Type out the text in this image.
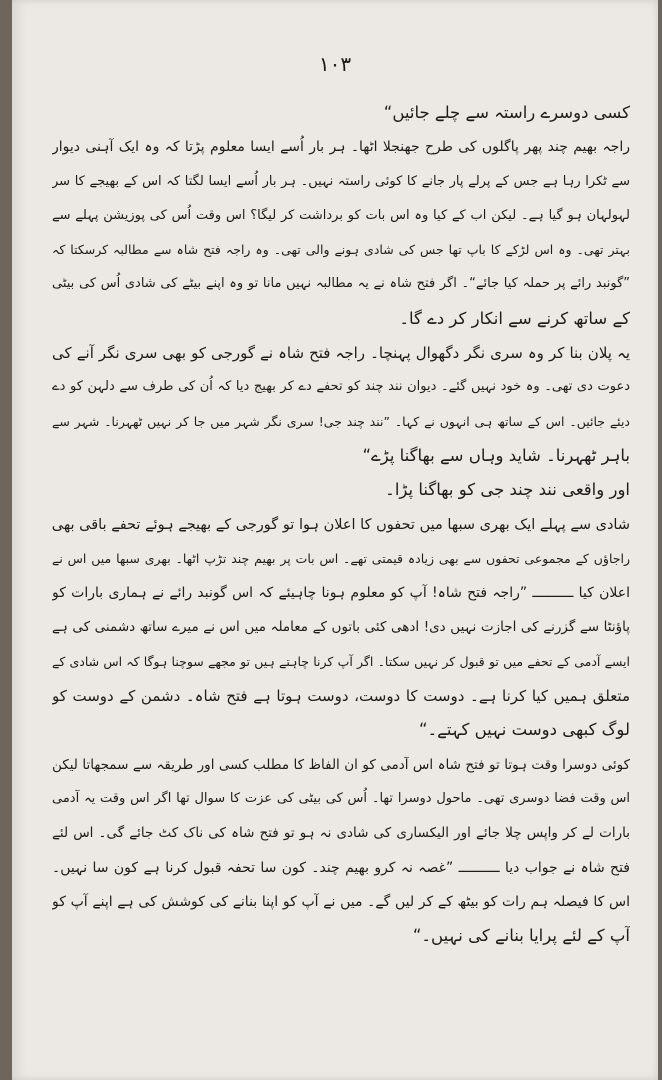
١٠٣
کسی دوسرے راستہ سے چلے جائیں“
راجہ بھیم چند پھر پاگلوں کی طرح جھنجلا اٹھا۔ ہر بار اُسے ایسا معلوم پڑتا کہ وہ ایک آہنی دیوار
سے ٹکرا رہا ہے جس کے پرلے پار جانے کا کوئی راستہ نہیں۔ ہر بار اُسے ایسا لگتا کہ اس کے بھیجے کا سر
لہولہان ہو گیا ہے۔ لیکن اب کے کیا وہ اس بات کو برداشت کر لیگا؟ اس وقت اُس کی پوزیشن پہلے سے
بہتر تھی۔ وہ اس لڑکے کا باپ تھا جس کی شادی ہونے والی تھی۔ وہ راجہ فتح شاہ سے مطالبہ کرسکتا کہ
”گونبد رائے پر حملہ کیا جائے“۔ اگر فتح شاہ نے یہ مطالبہ نہیں مانا تو وہ اپنے بیٹے کی شادی اُس کی بیٹی
کے ساتھ کرنے سے انکار کر دے گا۔
یہ پلان بنا کر وہ سری نگر دگھوال پہنچا۔ راجہ فتح شاہ نے گورجی کو بھی سری نگر آنے کی
دعوت دی تھی۔ وہ خود نہیں گئے۔ دیوان نند چند کو تحفے دے کر بھیج دیا کہ اُن کی طرف سے دلہن کو دے
دیئے جائیں۔ اس کے ساتھ ہی انہوں نے کہا۔ ”نند چند جی! سری نگر شہر میں جا کر نہیں ٹھہرنا۔ شہر سے
باہر ٹھہرنا۔ شاید وہاں سے بھاگنا پڑے“
اور واقعی نند چند جی کو بھاگنا پڑا۔
شادی سے پہلے ایک بھری سبھا میں تحفوں کا اعلان ہوا تو گورجی کے بھیجے ہوئے تحفے باقی بھی
راجاؤں کے مجموعی تحفوں سے بھی زیادہ قیمتی تھے۔ اس بات پر بھیم چند تڑپ اٹھا۔ بھری سبھا میں اس نے
اعلان کیا ــــــــــ ”راجہ فتح شاہ! آپ کو معلوم ہونا چاہیئے کہ اس گونبد رائے نے ہماری بارات کو
پاؤنٹا سے گزرنے کی اجازت نہیں دی! ادھی کئی باتوں کے معاملہ میں اس نے میرے ساتھ دشمنی کی ہے
ایسے آدمی کے تحفے میں تو قبول کر نہیں سکتا۔ اگر آپ کرنا چاہتے ہیں تو مجھے سوچنا ہوگا کہ اس شادی کے
متعلق ہمیں کیا کرنا ہے۔ دوست کا دوست، دوست ہوتا ہے فتح شاہ۔ دشمن کے دوست کو
لوگ کبھی دوست نہیں کہتے۔“
کوئی دوسرا وقت ہوتا تو فتح شاہ اس آدمی کو ان الفاظ کا مطلب کسی اور طریقہ سے سمجھاتا لیکن
اس وقت فضا دوسری تھی۔ ماحول دوسرا تھا۔ اُس کی بیٹی کی عزت کا سوال تھا اگر اس وقت یہ آدمی
بارات لے کر واپس چلا جائے اور الیکساری کی شادی نہ ہو تو فتح شاہ کی ناک کٹ جائے گی۔ اس لئے
فتح شاہ نے جواب دیا ــــــــــ ”غصہ نہ کرو بھیم چند۔ کون سا تحفہ قبول کرنا ہے کون سا نہیں۔
اس کا فیصلہ ہم رات کو بیٹھ کے کر لیں گے۔ میں نے آپ کو اپنا بنانے کی کوشش کی ہے اپنے آپ کو
آپ کے لئے پرایا بنانے کی نہیں۔“
